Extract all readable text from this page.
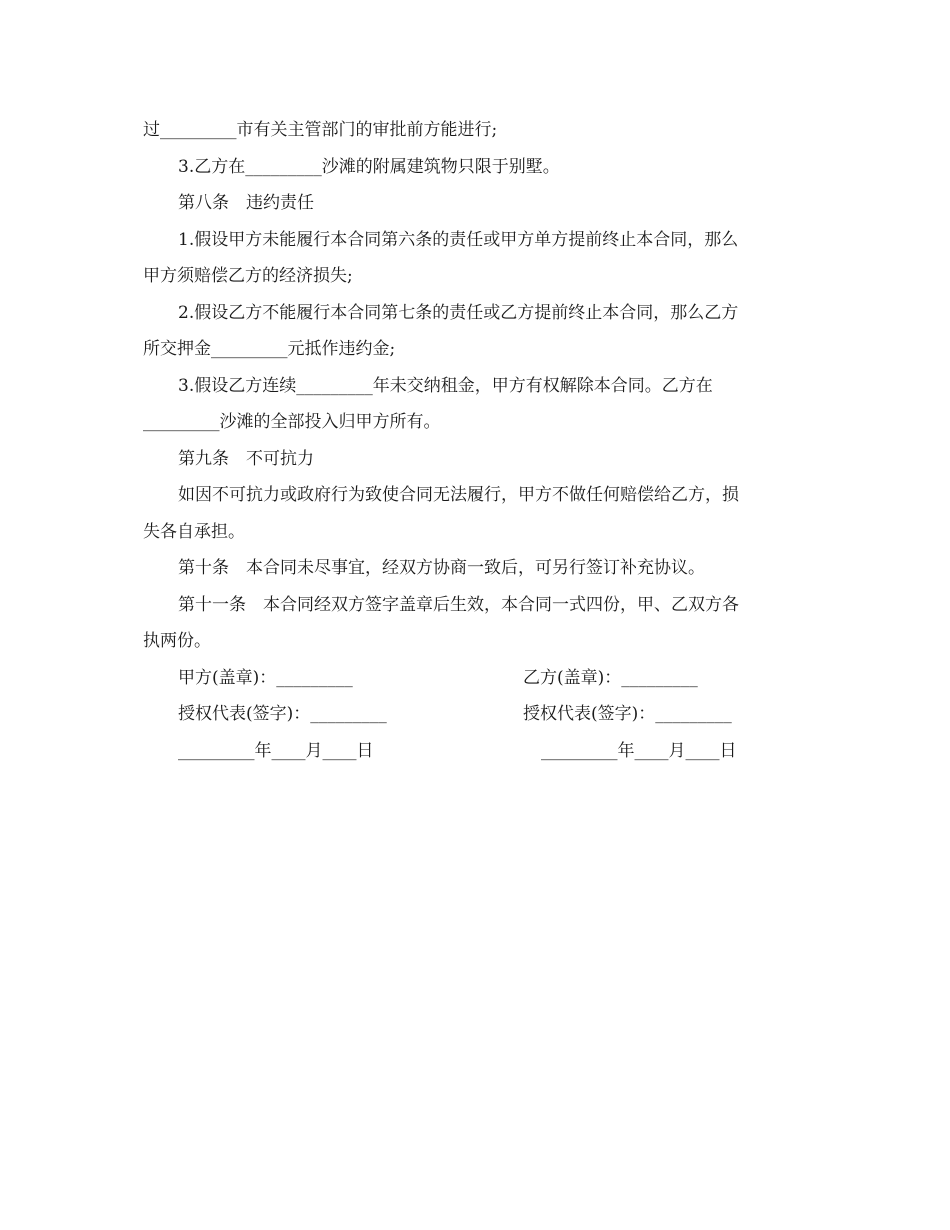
过_________市有关主管部门的审批前方能进行;
3.乙方在_________沙滩的附属建筑物只限于别墅。
第八条　违约责任
1.假设甲方未能履行本合同第六条的责任或甲方单方提前终止本合同，那么
甲方须赔偿乙方的经济损失;
2.假设乙方不能履行本合同第七条的责任或乙方提前终止本合同，那么乙方
所交押金_________元抵作违约金;
3.假设乙方连续_________年未交纳租金，甲方有权解除本合同。乙方在
_________沙滩的全部投入归甲方所有。
第九条　不可抗力
如因不可抗力或政府行为致使合同无法履行，甲方不做任何赔偿给乙方，损
失各自承担。
第十条　本合同未尽事宜，经双方协商一致后，可另行签订补充协议。
第十一条　本合同经双方签字盖章后生效，本合同一式四份，甲、乙双方各
执两份。
甲方(盖章)：_________	乙方(盖章)：_________
授权代表(签字)：_________	授权代表(签字)：_________
_________年____月____日	_________年____月____日
